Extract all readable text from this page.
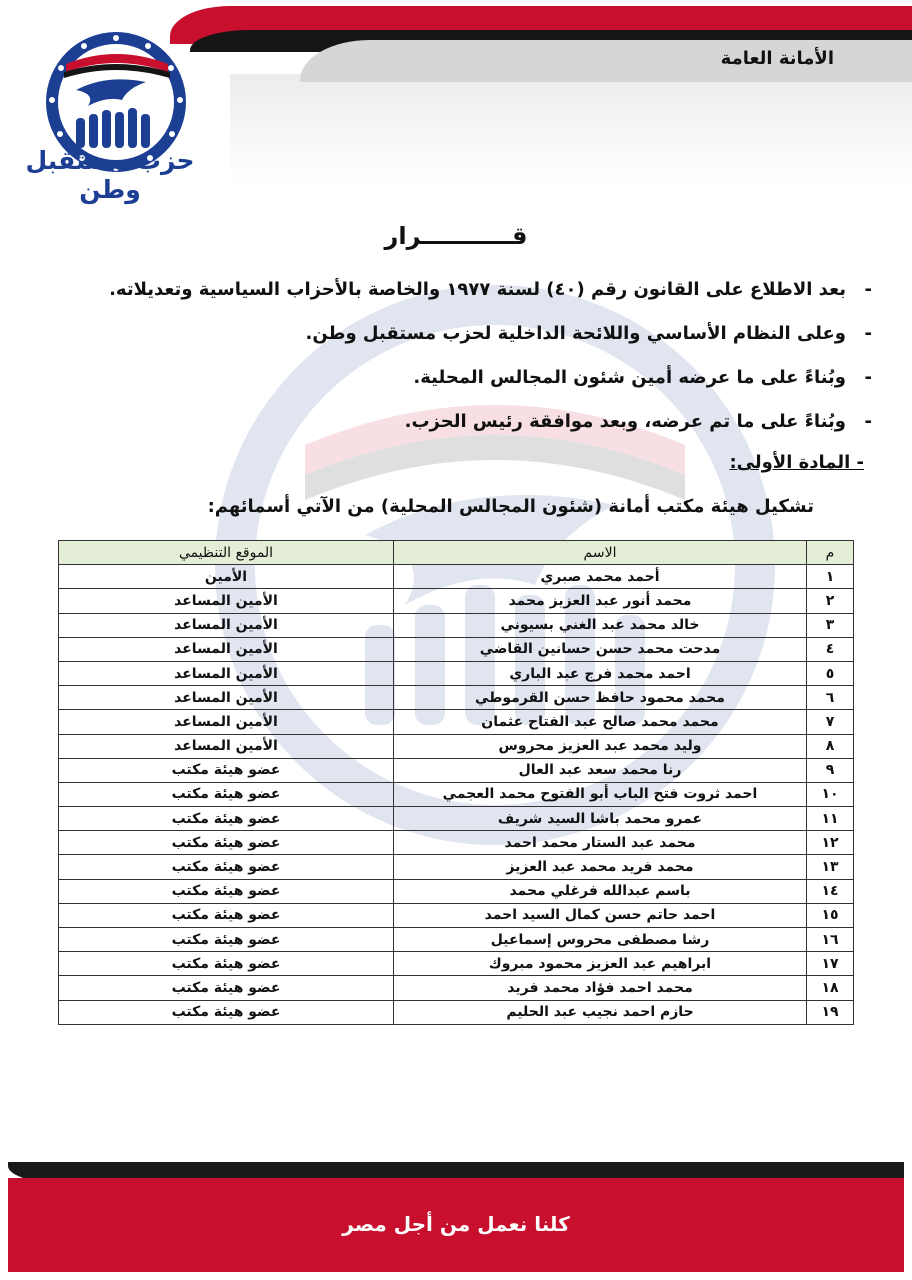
الأمانة العامة
حزب مستقبل وطن
قـــــــــــرار
-بعد الاطلاع على القانون رقم (٤٠) لسنة ١٩٧٧ والخاصة بالأحزاب السياسية وتعديلاته.
-وعلى النظام الأساسي واللائحة الداخلية لحزب مستقبل وطن.
-وبُناءً على ما عرضه أمين شئون المجالس المحلية.
-وبُناءً على ما تم عرضه، وبعد موافقة رئيس الحزب.
- المادة الأولى:
تشكيل هيئة مكتب أمانة (شئون المجالس المحلية) من الآتي أسمائهم:
م	الاسم	الموقع التنظيمي
١	أحمد محمد صبري	الأمين
٢	محمد أنور عبد العزيز محمد	الأمين المساعد
٣	خالد محمد عبد الغني بسيوني	الأمين المساعد
٤	مدحت محمد حسن حسانين القاضي	الأمين المساعد
٥	احمد محمد فرج عبد الباري	الأمين المساعد
٦	محمد محمود حافظ حسن القرموطي	الأمين المساعد
٧	محمد محمد صالح عبد الفتاح عثمان	الأمين المساعد
٨	وليد محمد عبد العزيز محروس	الأمين المساعد
٩	رنا محمد سعد عبد العال	عضو هيئة مكتب
١٠	احمد ثروت فتح الباب أبو الفتوح محمد العجمي	عضو هيئة مكتب
١١	عمرو محمد باشا السيد شريف	عضو هيئة مكتب
١٢	محمد عبد الستار محمد احمد	عضو هيئة مكتب
١٣	محمد فريد محمد عبد العزيز	عضو هيئة مكتب
١٤	باسم عبدالله فرغلي محمد	عضو هيئة مكتب
١٥	احمد حاتم حسن كمال السيد احمد	عضو هيئة مكتب
١٦	رشا مصطفى محروس إسماعيل	عضو هيئة مكتب
١٧	ابراهيم عبد العزيز محمود مبروك	عضو هيئة مكتب
١٨	محمد احمد فؤاد محمد فريد	عضو هيئة مكتب
١٩	حازم احمد نجيب عبد الحليم	عضو هيئة مكتب
كلنا نعمل من أجل مصر
